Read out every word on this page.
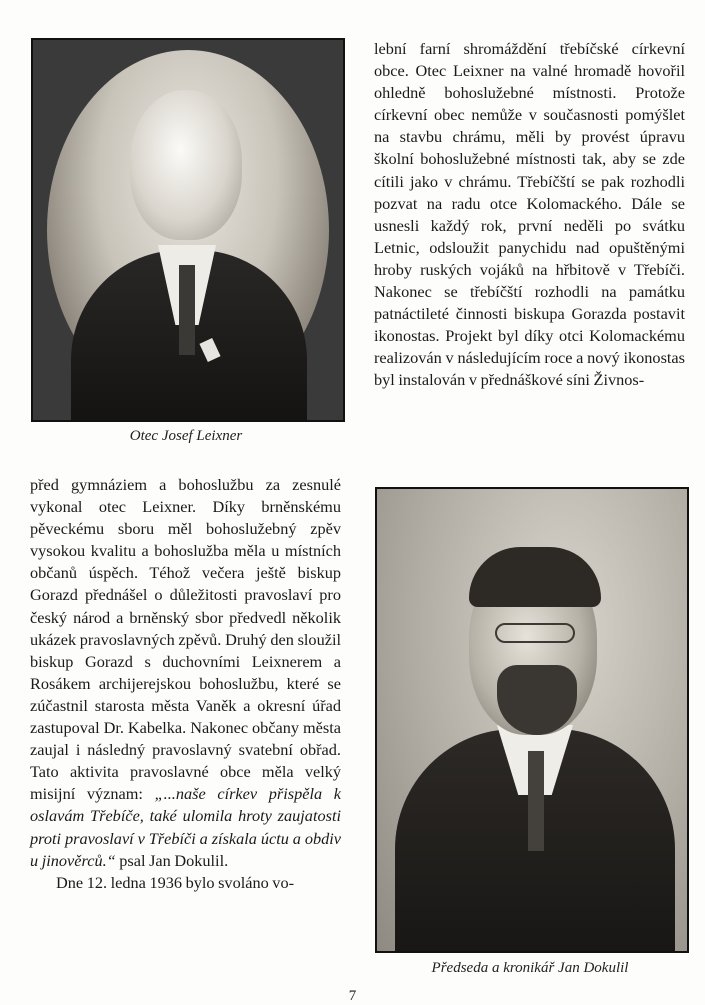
Otec Josef Leixner

lební farní shromáždění třebíčské církevní obce. Otec Leixner na valné hromadě hovořil ohledně bohoslužebné místnosti. Protože církevní obec nemůže v současnosti pomýšlet na stavbu chrámu, měli by provést úpravu školní bohoslužebné místnosti tak, aby se zde cítili jako v chrámu. Třebíčští se pak rozhodli pozvat na radu otce Kolomackého. Dále se usnesli každý rok, první neděli po svátku Letnic, odsloužit panychidu nad opuštěnými hroby ruských vojáků na hřbitově v Třebíči. Nakonec se třebíčští rozhodli na památku patnáctileté činnosti biskupa Gorazda postavit ikonostas. Projekt byl díky otci Kolomackému realizován v následujícím roce a nový ikonostas byl instalován v přednáškové síni Živnos-

Předseda a kronikář Jan Dokulil

před gymnáziem a bohoslužbu za zesnulé vykonal otec Leixner. Díky brněnskému pěveckému sboru měl bohoslužebný zpěv vysokou kvalitu a bohoslužba měla u místních občanů úspěch. Téhož večera ještě biskup Gorazd přednášel o důležitosti pravoslaví pro český národ a brněnský sbor předvedl několik ukázek pravoslavných zpěvů. Druhý den sloužil biskup Gorazd s duchovními Leixnerem a Rosákem archijerejskou bohoslužbu, které se zúčastnil starosta města Vaněk a okresní úřad zastupoval Dr. Kabelka. Nakonec občany města zaujal i následný pravoslavný svatební obřad. Tato aktivita pravoslavné obce měla velký misijní význam: „...naše církev přispěla k oslavám Třebíče, také ulomila hroty zaujatosti proti pravoslaví v Třebíči a získala úctu a obdiv u jinověrců.“ psal Jan Dokulil.

Dne 12. ledna 1936 bylo svoláno vo-

7
